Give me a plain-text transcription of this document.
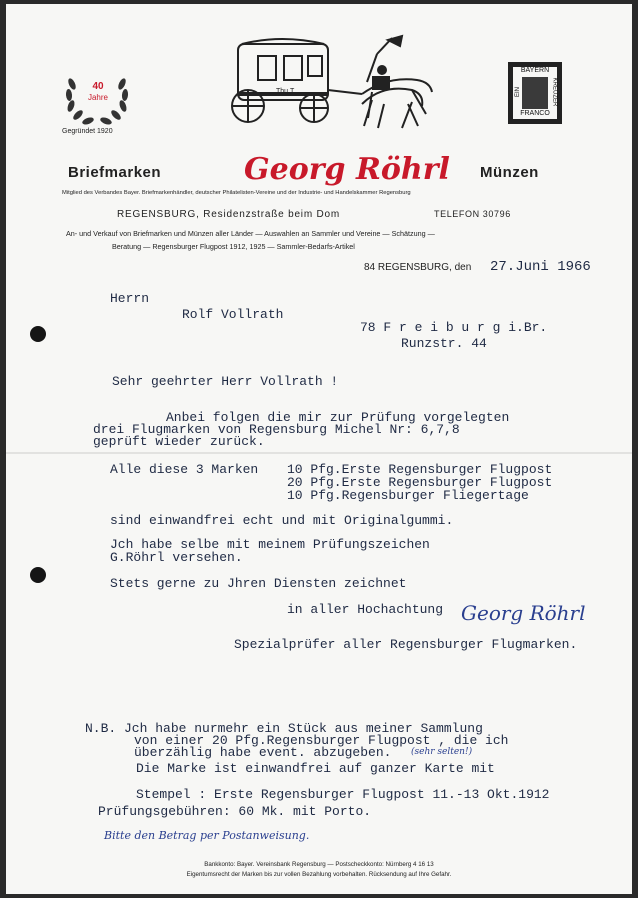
40
Jahre
Gegründet 1920
Thu.T.
BAYERN
FRANCO
EIN	KREUZER
Briefmarken	Georg Röhrl Münzen
Mitglied des Verbandes Bayer. Briefmarkenhändler, deutscher Philatelisten-Vereine und der Industrie- und Handelskammer Regensburg
REGENSBURG, Residenzstraße beim Dom	TELEFON 30796
An- und Verkauf von Briefmarken und Münzen aller Länder — Auswahlen an Sammler und Vereine — Schätzung —
Beratung — Regensburger Flugpost 1912, 1925 — Sammler-Bedarfs-Artikel
84 REGENSBURG, den 27.Juni 1966
Herrn
Rolf Vollrath
78 F r e i b u r g i.Br.
Runzstr. 44
Sehr geehrter Herr Vollrath !
Anbei folgen die mir zur Prüfung vorgelegten
drei Flugmarken von Regensburg Michel Nr: 6,7,8
geprüft wieder zurück.
Alle diese 3 Marken 10 Pfg.Erste Regensburger Flugpost
20 Pfg.Erste Regensburger Flugpost
10 Pfg.Regensburger Fliegertage
sind einwandfrei echt und mit Originalgummi.
Jch habe selbe mit meinem Prüfungszeichen
G.Röhrl versehen.
Stets gerne zu Jhren Diensten zeichnet
in aller Hochachtung Georg Röhrl
Spezialprüfer aller Regensburger Flugmarken.
N.B. Jch habe nurmehr ein Stück aus meiner Sammlung
von einer 20 Pfg.Regensburger Flugpost , die ich
überzählig habe event. abzugeben. (sehr selten!)
Die Marke ist einwandfrei auf ganzer Karte mit
Stempel : Erste Regensburger Flugpost 11.-13 Okt.1912
Prüfungsgebühren: 60 Mk. mit Porto.
Bitte den Betrag per Postanweisung.
Bankkonto: Bayer. Vereinsbank Regensburg — Postscheckkonto: Nürnberg 4 16 13
Eigentumsrecht der Marken bis zur vollen Bezahlung vorbehalten. Rücksendung auf Ihre Gefahr.
